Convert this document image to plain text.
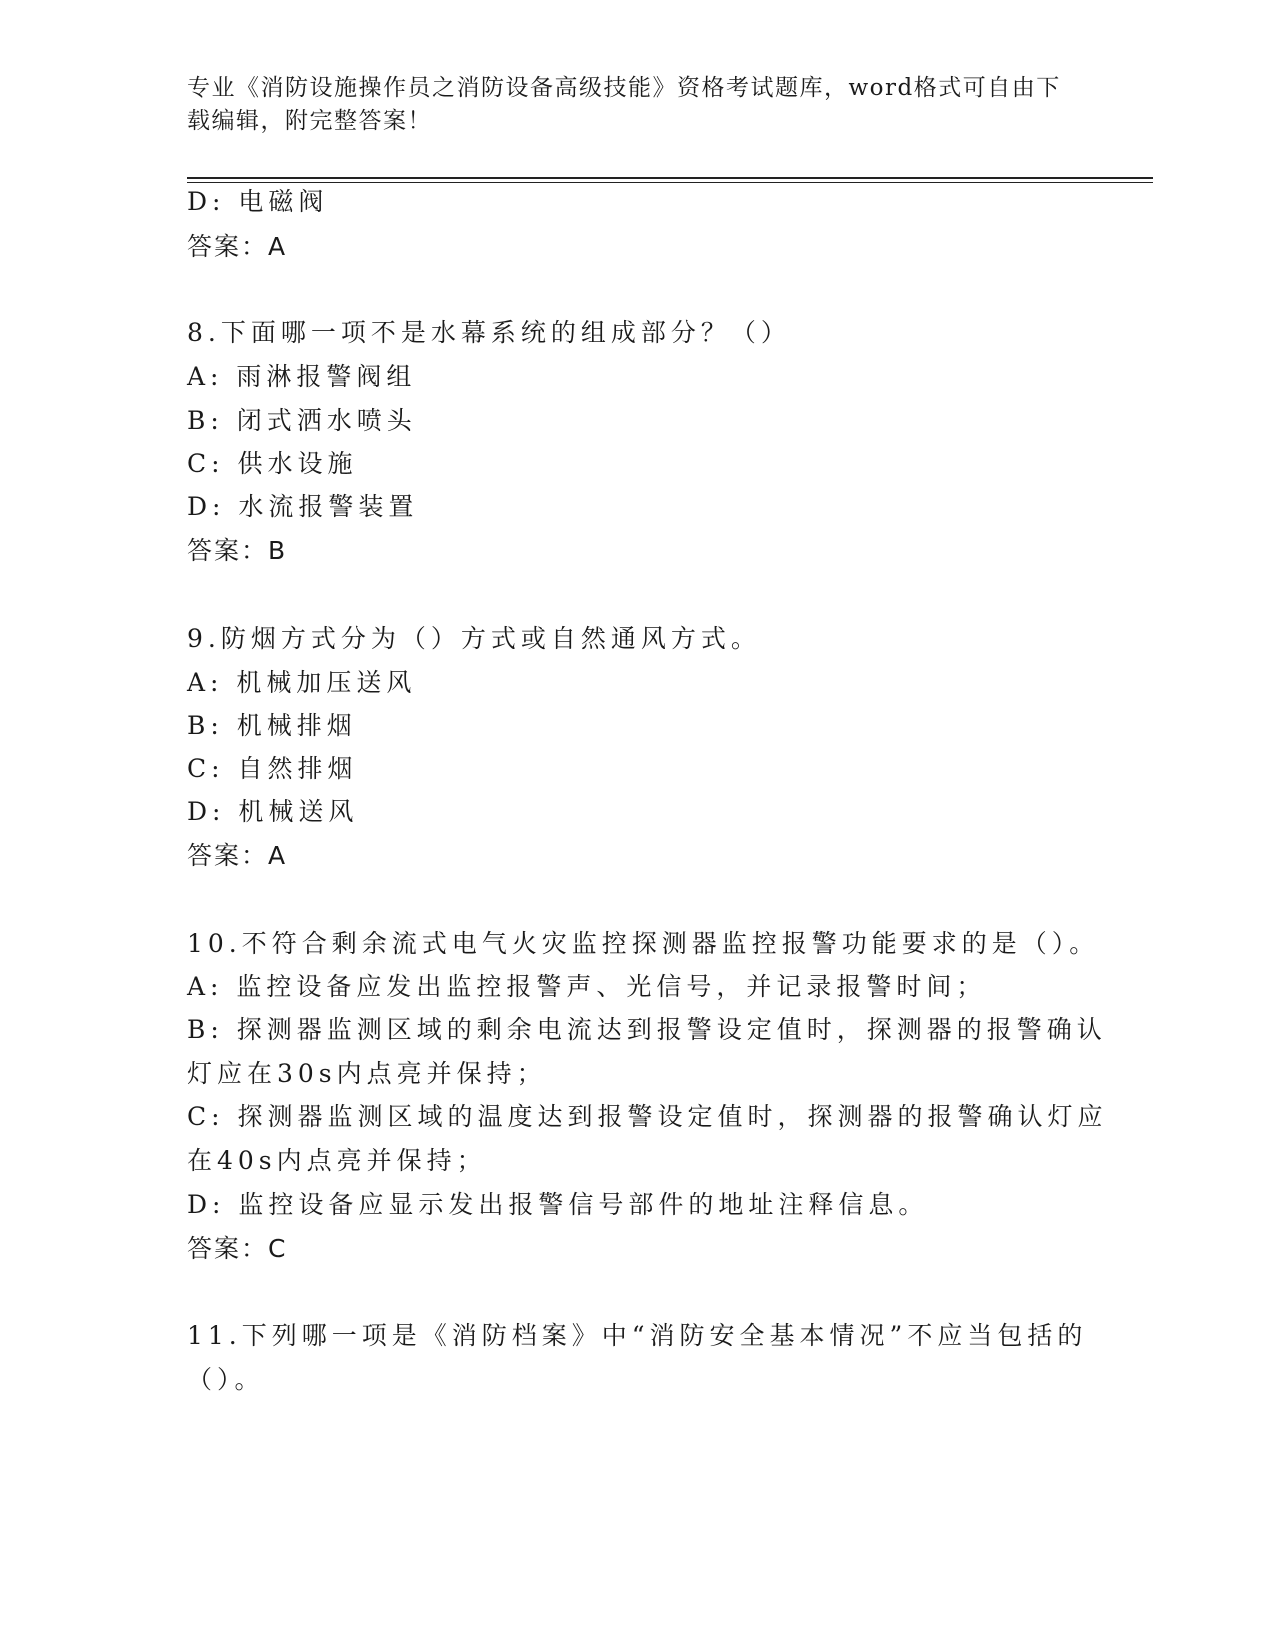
专业《消防设施操作员之消防设备高级技能》资格考试题库，word格式可自由下载编辑，附完整答案！
D: 电磁阀
答案：A
8.下面哪一项不是水幕系统的组成部分？（）
A: 雨淋报警阀组
B: 闭式洒水喷头
C: 供水设施
D: 水流报警装置
答案：B
9.防烟方式分为（）方式或自然通风方式。
A: 机械加压送风
B: 机械排烟
C: 自然排烟
D: 机械送风
答案：A
10.不符合剩余流式电气火灾监控探测器监控报警功能要求的是（）。
A: 监控设备应发出监控报警声、光信号，并记录报警时间；
B: 探测器监测区域的剩余电流达到报警设定值时，探测器的报警确认
灯应在30s内点亮并保持；
C: 探测器监测区域的温度达到报警设定值时，探测器的报警确认灯应
在40s内点亮并保持；
D: 监控设备应显示发出报警信号部件的地址注释信息。
答案：C
11.下列哪一项是《消防档案》中“消防安全基本情况”不应当包括的
（）。
